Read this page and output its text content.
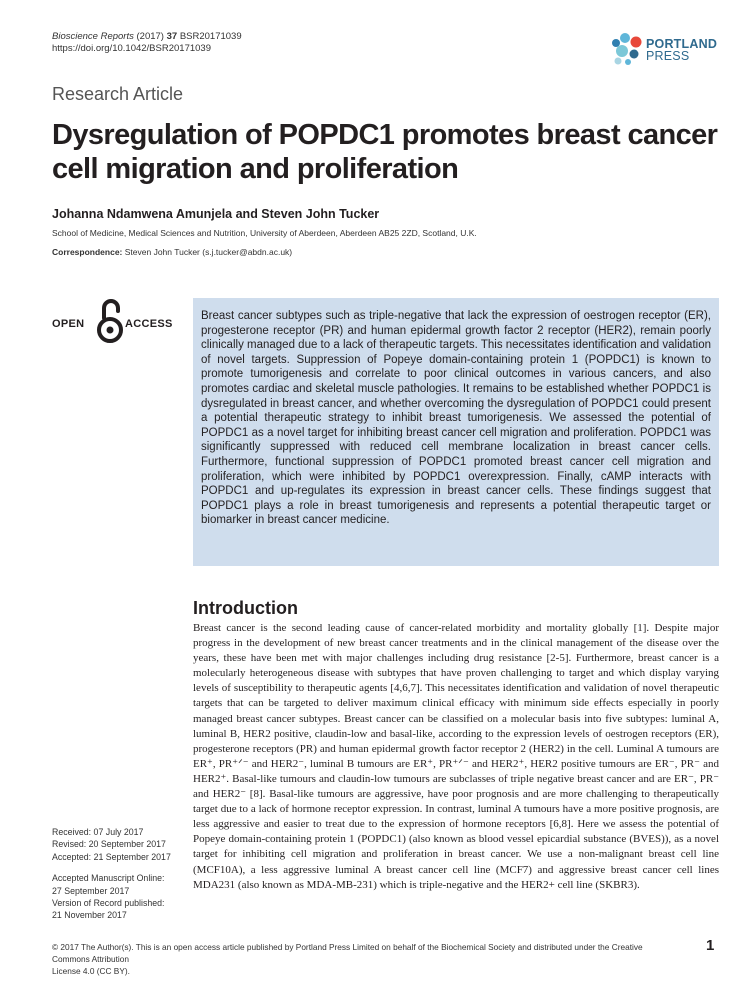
Bioscience Reports (2017) 37 BSR20171039
https://doi.org/10.1042/BSR20171039	PORTLAND
PRESS
Research Article
Dysregulation of POPDC1 promotes breast cancer
cell migration and proliferation
Johanna Ndamwena Amunjela and Steven John Tucker
School of Medicine, Medical Sciences and Nutrition, University of Aberdeen, Aberdeen AB25 2ZD, Scotland, U.K.
Correspondence: Steven John Tucker (s.j.tucker@abdn.ac.uk)
OPEN	ACCESS

Breast cancer subtypes such as triple-negative that lack the expression of oestrogen receptor (ER), progesterone receptor (PR) and human epidermal growth factor 2 receptor (HER2), remain poorly clinically managed due to a lack of therapeutic targets. This necessitates identification and validation of novel targets. Suppression of Popeye domain-containing protein 1 (POPDC1) is known to promote tumorigenesis and correlate to poor clinical outcomes in various cancers, and also promotes cardiac and skeletal muscle pathologies. It remains to be established whether POPDC1 is dysregulated in breast cancer, and whether overcoming the dysregulation of POPDC1 could present a potential therapeutic strategy to inhibit breast tumorigenesis. We assessed the potential of POPDC1 as a novel target for inhibiting breast cancer cell migration and proliferation. POPDC1 was significantly suppressed with reduced cell membrane localization in breast cancer cells. Furthermore, functional suppression of POPDC1 promoted breast cancer cell migration and proliferation, which were inhibited by POPDC1 overexpression. Finally, cAMP interacts with POPDC1 and up-regulates its expression in breast cancer cells. These findings suggest that POPDC1 plays a role in breast tumorigenesis and represents a potential therapeutic target or biomarker in breast cancer medicine.

Introduction

Breast cancer is the second leading cause of cancer-related morbidity and mortality globally [1]. Despite major progress in the development of new breast cancer treatments and in the clinical management of the disease over the years, these have been met with major challenges including drug resistance [2-5]. Furthermore, breast cancer is a molecularly heterogeneous disease with subtypes that have proven challenging to target and which display varying levels of susceptibility to therapeutic agents [4,6,7]. This necessitates identification and validation of novel therapeutic targets that can be targeted to deliver maximum clinical efficacy with minimum side effects especially in poorly managed breast cancer subtypes. Breast cancer can be classified on a molecular basis into five subtypes: luminal A, luminal B, HER2 positive, claudin-low and basal-like, according to the expression levels of oestrogen receptors (ER), progesterone receptors (PR) and human epidermal growth factor receptor 2 (HER2) in the cell. Luminal A tumours are ER⁺, PR⁺ᐟ⁻ and HER2⁻, luminal B tumours are ER⁺, PR⁺ᐟ⁻ and HER2⁺, HER2 positive tumours are ER⁻, PR⁻ and HER2⁺. Basal-like tumours and claudin-low tumours are subclasses of triple negative breast cancer and are ER⁻, PR⁻ and HER2⁻ [8]. Basal-like tumours are aggressive, have poor prognosis and are more challenging to therapeutically target due to a lack of hormone receptor expression. In contrast, luminal A tumours have a more positive prognosis, are less aggressive and easier to treat due to the expression of hormone receptors [6,8]. Here we assess the potential of Popeye domain-containing protein 1 (POPDC1) (also known as blood vessel epicardial substance (BVES)), as a novel target for inhibiting cell migration and proliferation in breast cancer. We use a non-malignant breast cell line (MCF10A), a less aggressive luminal A breast cancer cell line (MCF7) and aggressive breast cancer cell lines MDA231 (also known as MDA-MB-231) which is triple-negative and the HER2+ cell line (SKBR3).

Received: 07 July 2017
Revised: 20 September 2017
Accepted: 21 September 2017
Accepted Manuscript Online:
27 September 2017
Version of Record published:
21 November 2017
© 2017 The Author(s). This is an open access article published by Portland Press Limited on behalf of the Biochemical Society and distributed under the Creative Commons Attribution
License 4.0 (CC BY).
1
